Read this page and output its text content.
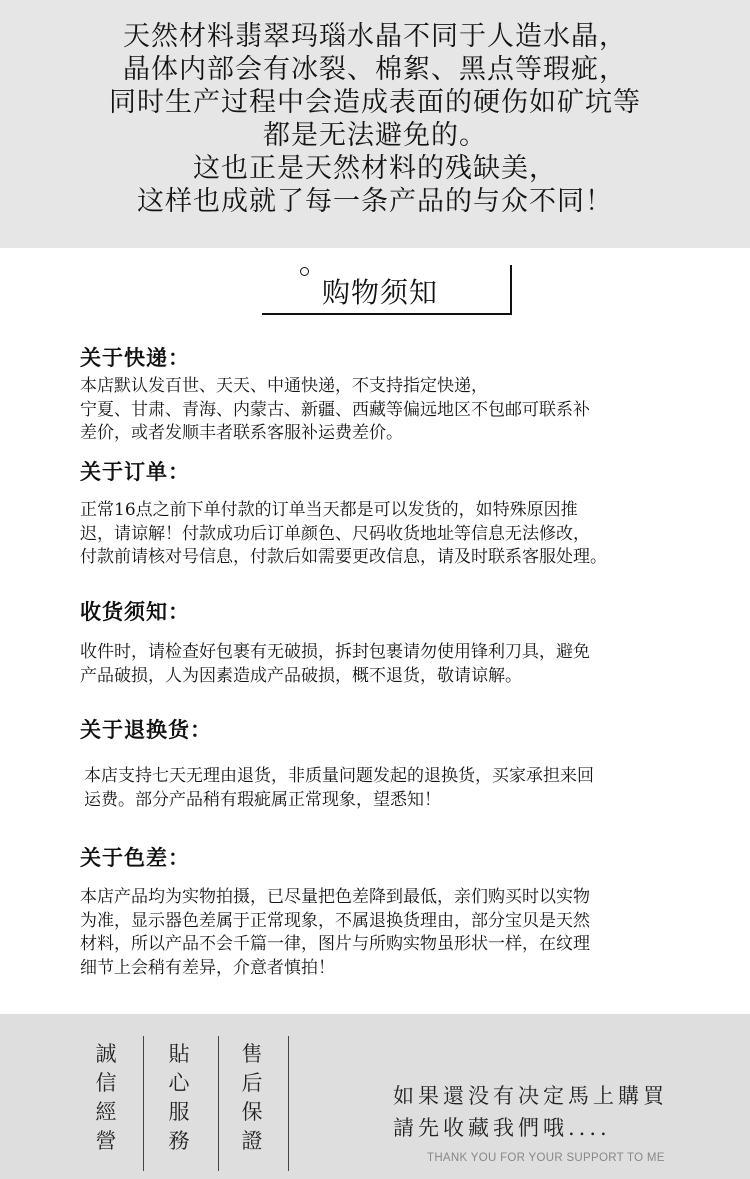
天然材料翡翠玛瑙水晶不同于人造水晶，

晶体内部会有冰裂、棉絮、黑点等瑕疵，

同时生产过程中会造成表面的硬伤如矿坑等

都是无法避免的。

这也正是天然材料的残缺美，

这样也成就了每一条产品的与众不同！

购物须知
关于快递：
本店默认发百世、天天、中通快递，不支持指定快递，
宁夏、甘肃、青海、内蒙古、新疆、西藏等偏远地区不包邮可联系补
差价，或者发顺丰者联系客服补运费差价。
关于订单：
正常16点之前下单付款的订单当天都是可以发货的，如特殊原因推
迟，请谅解！付款成功后订单颜色、尺码收货地址等信息无法修改，
付款前请核对号信息，付款后如需要更改信息，请及时联系客服处理。
收货须知：
收件时，请检查好包裹有无破损，拆封包裹请勿使用锋利刀具，避免
产品破损，人为因素造成产品破损，概不退货，敬请谅解。
关于退换货：
本店支持七天无理由退货，非质量问题发起的退换货，买家承担来回
运费。部分产品稍有瑕疵属正常现象，望悉知！
关于色差：
本店产品均为实物拍摄，已尽量把色差降到最低，亲们购买时以实物
为准，显示器色差属于正常现象，不属退换货理由，部分宝贝是天然
材料，所以产品不会千篇一律，图片与所购实物虽形状一样，在纹理
细节上会稍有差异，介意者慎拍！
誠信經營
貼心服務
售后保證
如果還没有决定馬上購買
請先收藏我們哦....
THANK YOU FOR YOUR SUPPORT TO ME
